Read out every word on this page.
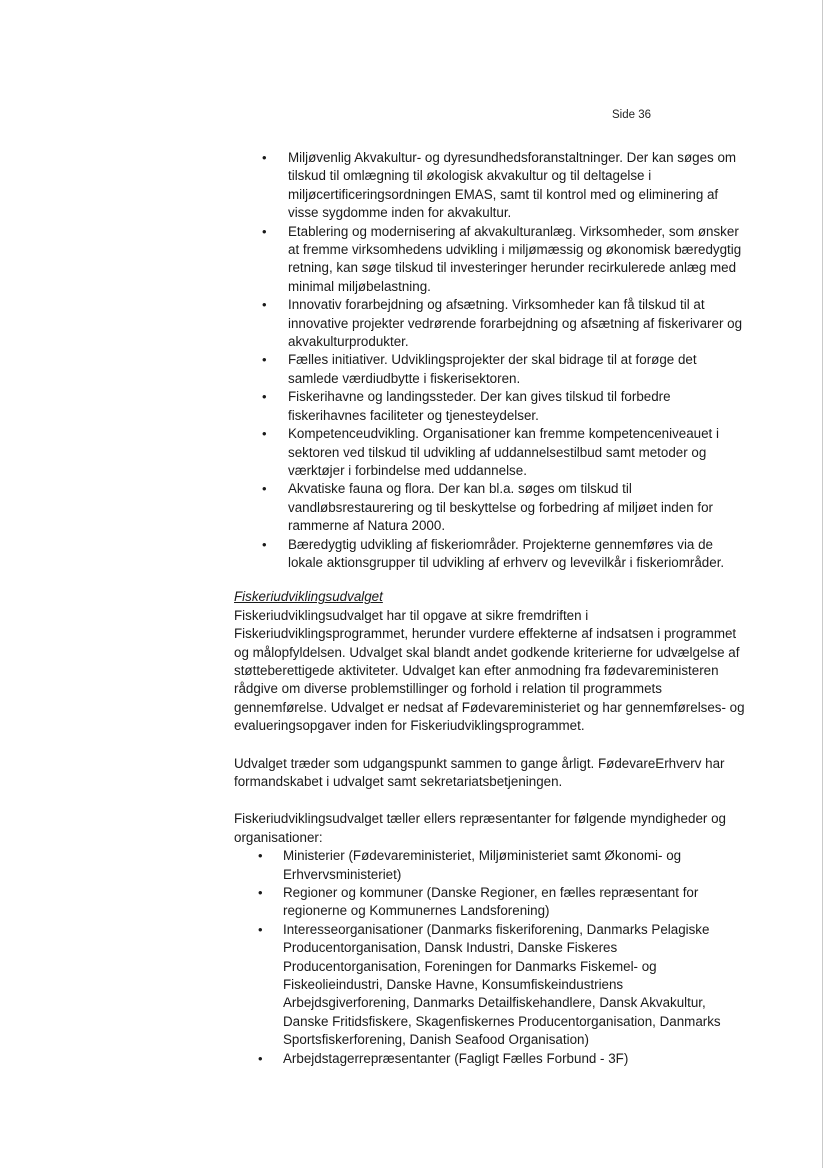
Side 36
• Miljøvenlig Akvakultur- og dyresundhedsforanstaltninger. Der kan søges om tilskud til omlægning til økologisk akvakultur og til deltagelse i miljøcertificeringsordningen EMAS, samt til kontrol med og eliminering af visse sygdomme inden for akvakultur.
• Etablering og modernisering af akvakulturanlæg. Virksomheder, som ønsker at fremme virksomhedens udvikling i miljømæssig og økonomisk bæredygtig retning, kan søge tilskud til investeringer herunder recirkulerede anlæg med minimal miljøbelastning.
• Innovativ forarbejdning og afsætning. Virksomheder kan få tilskud til at innovative projekter vedrørende forarbejdning og afsætning af fiskerivarer og akvakulturprodukter.
• Fælles initiativer. Udviklingsprojekter der skal bidrage til at forøge det samlede værdiudbytte i fiskerisektoren.
• Fiskerihavne og landingssteder. Der kan gives tilskud til forbedre fiskerihavnes faciliteter og tjenesteydelser.
• Kompetenceudvikling. Organisationer kan fremme kompetenceniveauet i sektoren ved tilskud til udvikling af uddannelsestilbud samt metoder og værktøjer i forbindelse med uddannelse.
• Akvatiske fauna og flora. Der kan bl.a. søges om tilskud til vandløbsrestaurering og til beskyttelse og forbedring af miljøet inden for rammerne af Natura 2000.
• Bæredygtig udvikling af fiskeriområder. Projekterne gennemføres via de lokale aktionsgrupper til udvikling af erhverv og levevilkår i fiskeriområder.
Fiskeriudviklingsudvalget

Fiskeriudviklingsudvalget har til opgave at sikre fremdriften i Fiskeriudviklingsprogrammet, herunder vurdere effekterne af indsatsen i programmet og målopfyldelsen. Udvalget skal blandt andet godkende kriterierne for udvælgelse af støtteberettigede aktiviteter. Udvalget kan efter anmodning fra fødevareministeren rådgive om diverse problemstillinger og forhold i relation til programmets gennemførelse. Udvalget er nedsat af Fødevareministeriet og har gennemførelses- og evalueringsopgaver inden for Fiskeriudviklingsprogrammet.

Udvalget træder som udgangspunkt sammen to gange årligt. FødevareErhverv har formandskabet i udvalget samt sekretariatsbetjeningen.

Fiskeriudviklingsudvalget tæller ellers repræsentanter for følgende myndigheder og organisationer:

• Ministerier (Fødevareministeriet, Miljøministeriet samt Økonomi- og Erhvervsministeriet)
• Regioner og kommuner (Danske Regioner, en fælles repræsentant for regionerne og Kommunernes Landsforening)
• Interesseorganisationer (Danmarks fiskeriforening, Danmarks Pelagiske Producentorganisation, Dansk Industri, Danske Fiskeres Producentorganisation, Foreningen for Danmarks Fiskemel- og Fiskeolieindustri, Danske Havne, Konsumfiskeindustriens Arbejdsgiverforening, Danmarks Detailfiskehandlere, Dansk Akvakultur, Danske Fritidsfiskere, Skagenfiskernes Producentorganisation, Danmarks Sportsfiskerforening, Danish Seafood Organisation)
• Arbejdstagerrepræsentanter (Fagligt Fælles Forbund - 3F)
